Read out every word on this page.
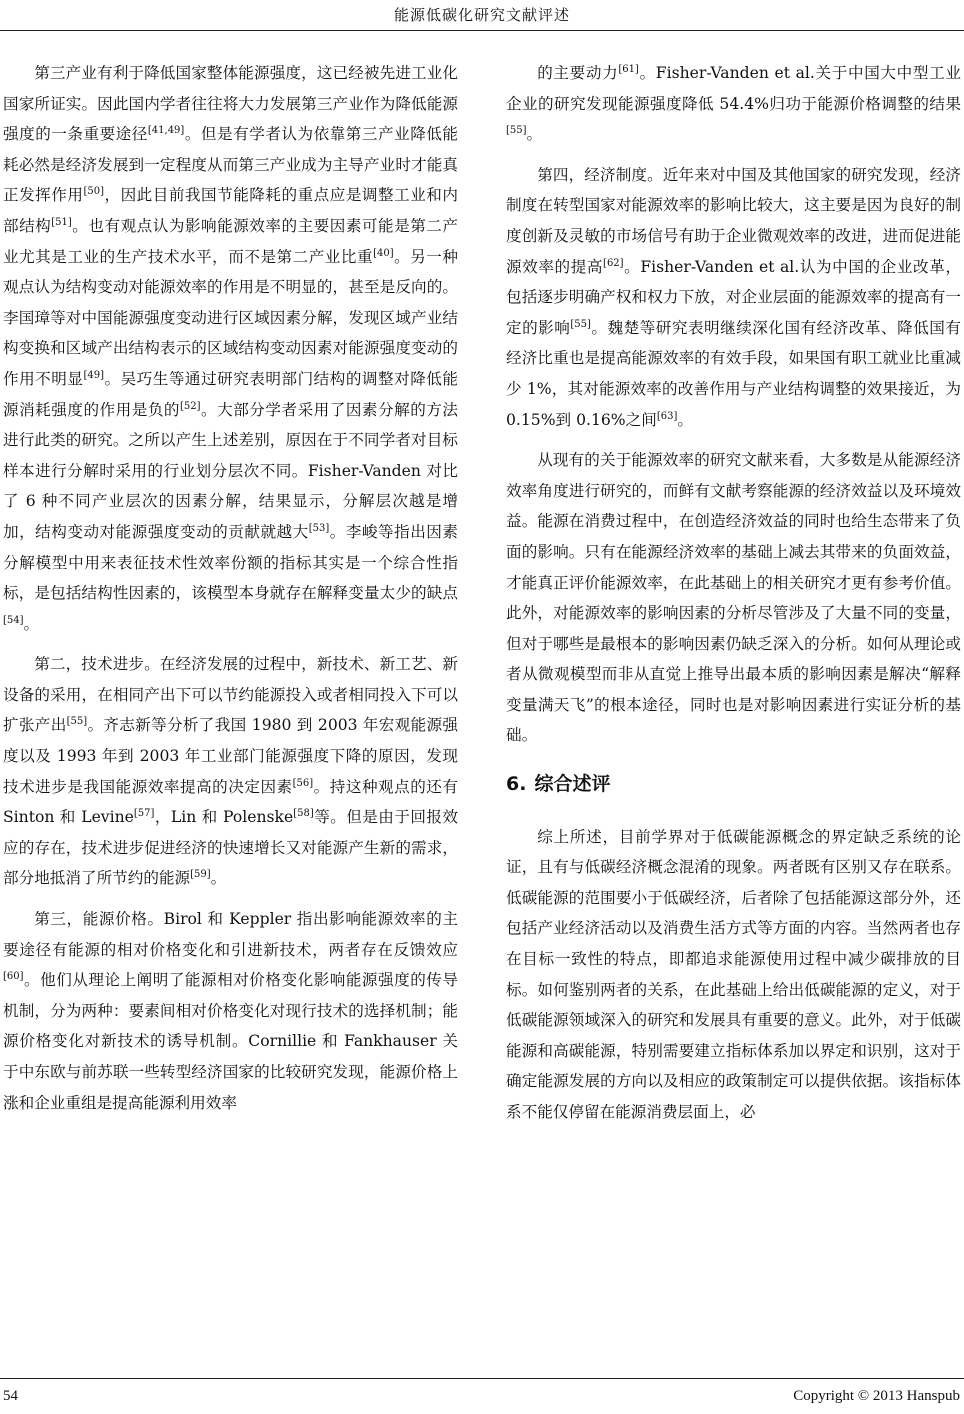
能源低碳化研究文献评述

第三产业有利于降低国家整体能源强度，这已经被先进工业化国家所证实。因此国内学者往往将大力发展第三产业作为降低能源强度的一条重要途径[41,49]。但是有学者认为依靠第三产业降低能耗必然是经济发展到一定程度从而第三产业成为主导产业时才能真正发挥作用[50]，因此目前我国节能降耗的重点应是调整工业和内部结构[51]。也有观点认为影响能源效率的主要因素可能是第二产业尤其是工业的生产技术水平，而不是第二产业比重[40]。另一种观点认为结构变动对能源效率的作用是不明显的，甚至是反向的。李国璋等对中国能源强度变动进行区域因素分解，发现区域产业结构变换和区域产出结构表示的区域结构变动因素对能源强度变动的作用不明显[49]。吴巧生等通过研究表明部门结构的调整对降低能源消耗强度的作用是负的[52]。大部分学者采用了因素分解的方法进行此类的研究。之所以产生上述差别，原因在于不同学者对目标样本进行分解时采用的行业划分层次不同。Fisher-Vanden 对比了 6 种不同产业层次的因素分解，结果显示，分解层次越是增加，结构变动对能源强度变动的贡献就越大[53]。李峻等指出因素分解模型中用来表征技术性效率份额的指标其实是一个综合性指标，是包括结构性因素的，该模型本身就存在解释变量太少的缺点[54]。

第二，技术进步。在经济发展的过程中，新技术、新工艺、新设备的采用，在相同产出下可以节约能源投入或者相同投入下可以扩张产出[55]。齐志新等分析了我国 1980 到 2003 年宏观能源强度以及 1993 年到 2003 年工业部门能源强度下降的原因，发现技术进步是我国能源效率提高的决定因素[56]。持这种观点的还有 Sinton 和 Levine[57]，Lin 和 Polenske[58]等。但是由于回报效应的存在，技术进步促进经济的快速增长又对能源产生新的需求，部分地抵消了所节约的能源[59]。

第三，能源价格。Birol 和 Keppler 指出影响能源效率的主要途径有能源的相对价格变化和引进新技术，两者存在反馈效应[60]。他们从理论上阐明了能源相对价格变化影响能源强度的传导机制，分为两种：要素间相对价格变化对现行技术的选择机制；能源价格变化对新技术的诱导机制。Cornillie 和 Fankhauser 关于中东欧与前苏联一些转型经济国家的比较研究发现，能源价格上涨和企业重组是提高能源利用效率

的主要动力[61]。Fisher-Vanden et al.关于中国大中型工业企业的研究发现能源强度降低 54.4%归功于能源价格调整的结果[55]。

第四，经济制度。近年来对中国及其他国家的研究发现，经济制度在转型国家对能源效率的影响比较大，这主要是因为良好的制度创新及灵敏的市场信号有助于企业微观效率的改进，进而促进能源效率的提高[62]。Fisher-Vanden et al.认为中国的企业改革，包括逐步明确产权和权力下放，对企业层面的能源效率的提高有一定的影响[55]。魏楚等研究表明继续深化国有经济改革、降低国有经济比重也是提高能源效率的有效手段，如果国有职工就业比重减少 1%，其对能源效率的改善作用与产业结构调整的效果接近，为 0.15%到 0.16%之间[63]。

从现有的关于能源效率的研究文献来看，大多数是从能源经济效率角度进行研究的，而鲜有文献考察能源的经济效益以及环境效益。能源在消费过程中，在创造经济效益的同时也给生态带来了负面的影响。只有在能源经济效率的基础上减去其带来的负面效益，才能真正评价能源效率，在此基础上的相关研究才更有参考价值。此外，对能源效率的影响因素的分析尽管涉及了大量不同的变量，但对于哪些是最根本的影响因素仍缺乏深入的分析。如何从理论或者从微观模型而非从直觉上推导出最本质的影响因素是解决“解释变量满天飞”的根本途径，同时也是对影响因素进行实证分析的基础。

6. 综合述评

综上所述，目前学界对于低碳能源概念的界定缺乏系统的论证，且有与低碳经济概念混淆的现象。两者既有区别又存在联系。低碳能源的范围要小于低碳经济，后者除了包括能源这部分外，还包括产业经济活动以及消费生活方式等方面的内容。当然两者也存在目标一致性的特点，即都追求能源使用过程中减少碳排放的目标。如何鉴别两者的关系，在此基础上给出低碳能源的定义，对于低碳能源领域深入的研究和发展具有重要的意义。此外，对于低碳能源和高碳能源，特别需要建立指标体系加以界定和识别，这对于确定能源发展的方向以及相应的政策制定可以提供依据。该指标体系不能仅停留在能源消费层面上，必

54	Copyright © 2013 Hanspub
